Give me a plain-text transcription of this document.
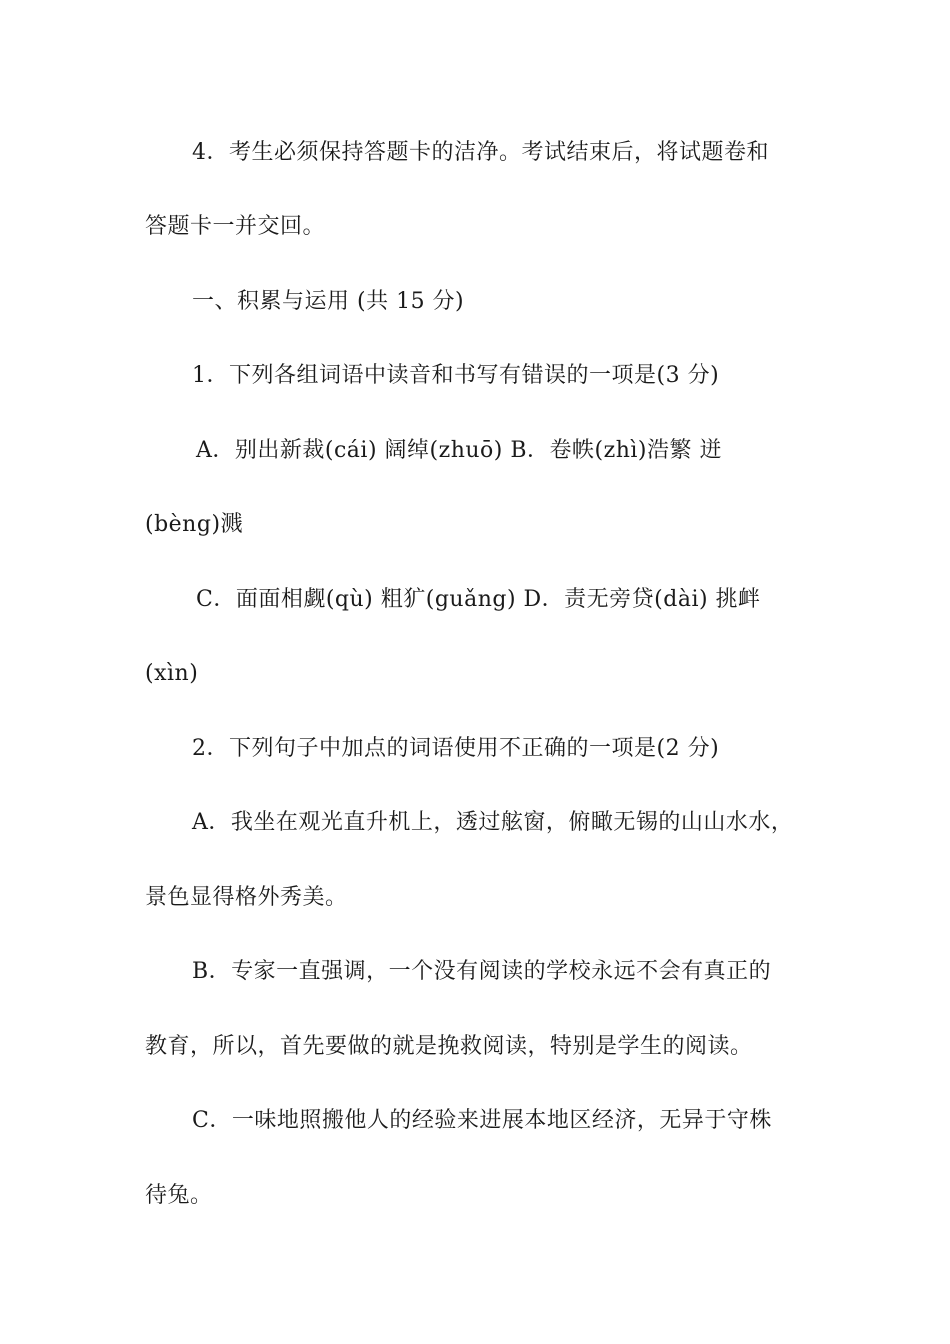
4．考生必须保持答题卡的洁净。考试结束后，将试题卷和
答题卡一并交回。
一、积累与运用 (共 15 分)
1．下列各组词语中读音和书写有错误的一项是(3 分)
A．别出新裁(cái) 阔绰(zhuō) B．卷帙(zhì)浩繁 迸
(bèng)溅
C．面面相觑(qù) 粗犷(guǎng) D．责无旁贷(dài) 挑衅
(xìn)
2．下列句子中加点的词语使用不正确的一项是(2 分)
A．我坐在观光直升机上，透过舷窗，俯瞰无锡的山山水水，
景色显得格外秀美。
B．专家一直强调，一个没有阅读的学校永远不会有真正的
教育，所以，首先要做的就是挽救阅读，特别是学生的阅读。
C．一味地照搬他人的经验来进展本地区经济，无异于守株
待兔。
